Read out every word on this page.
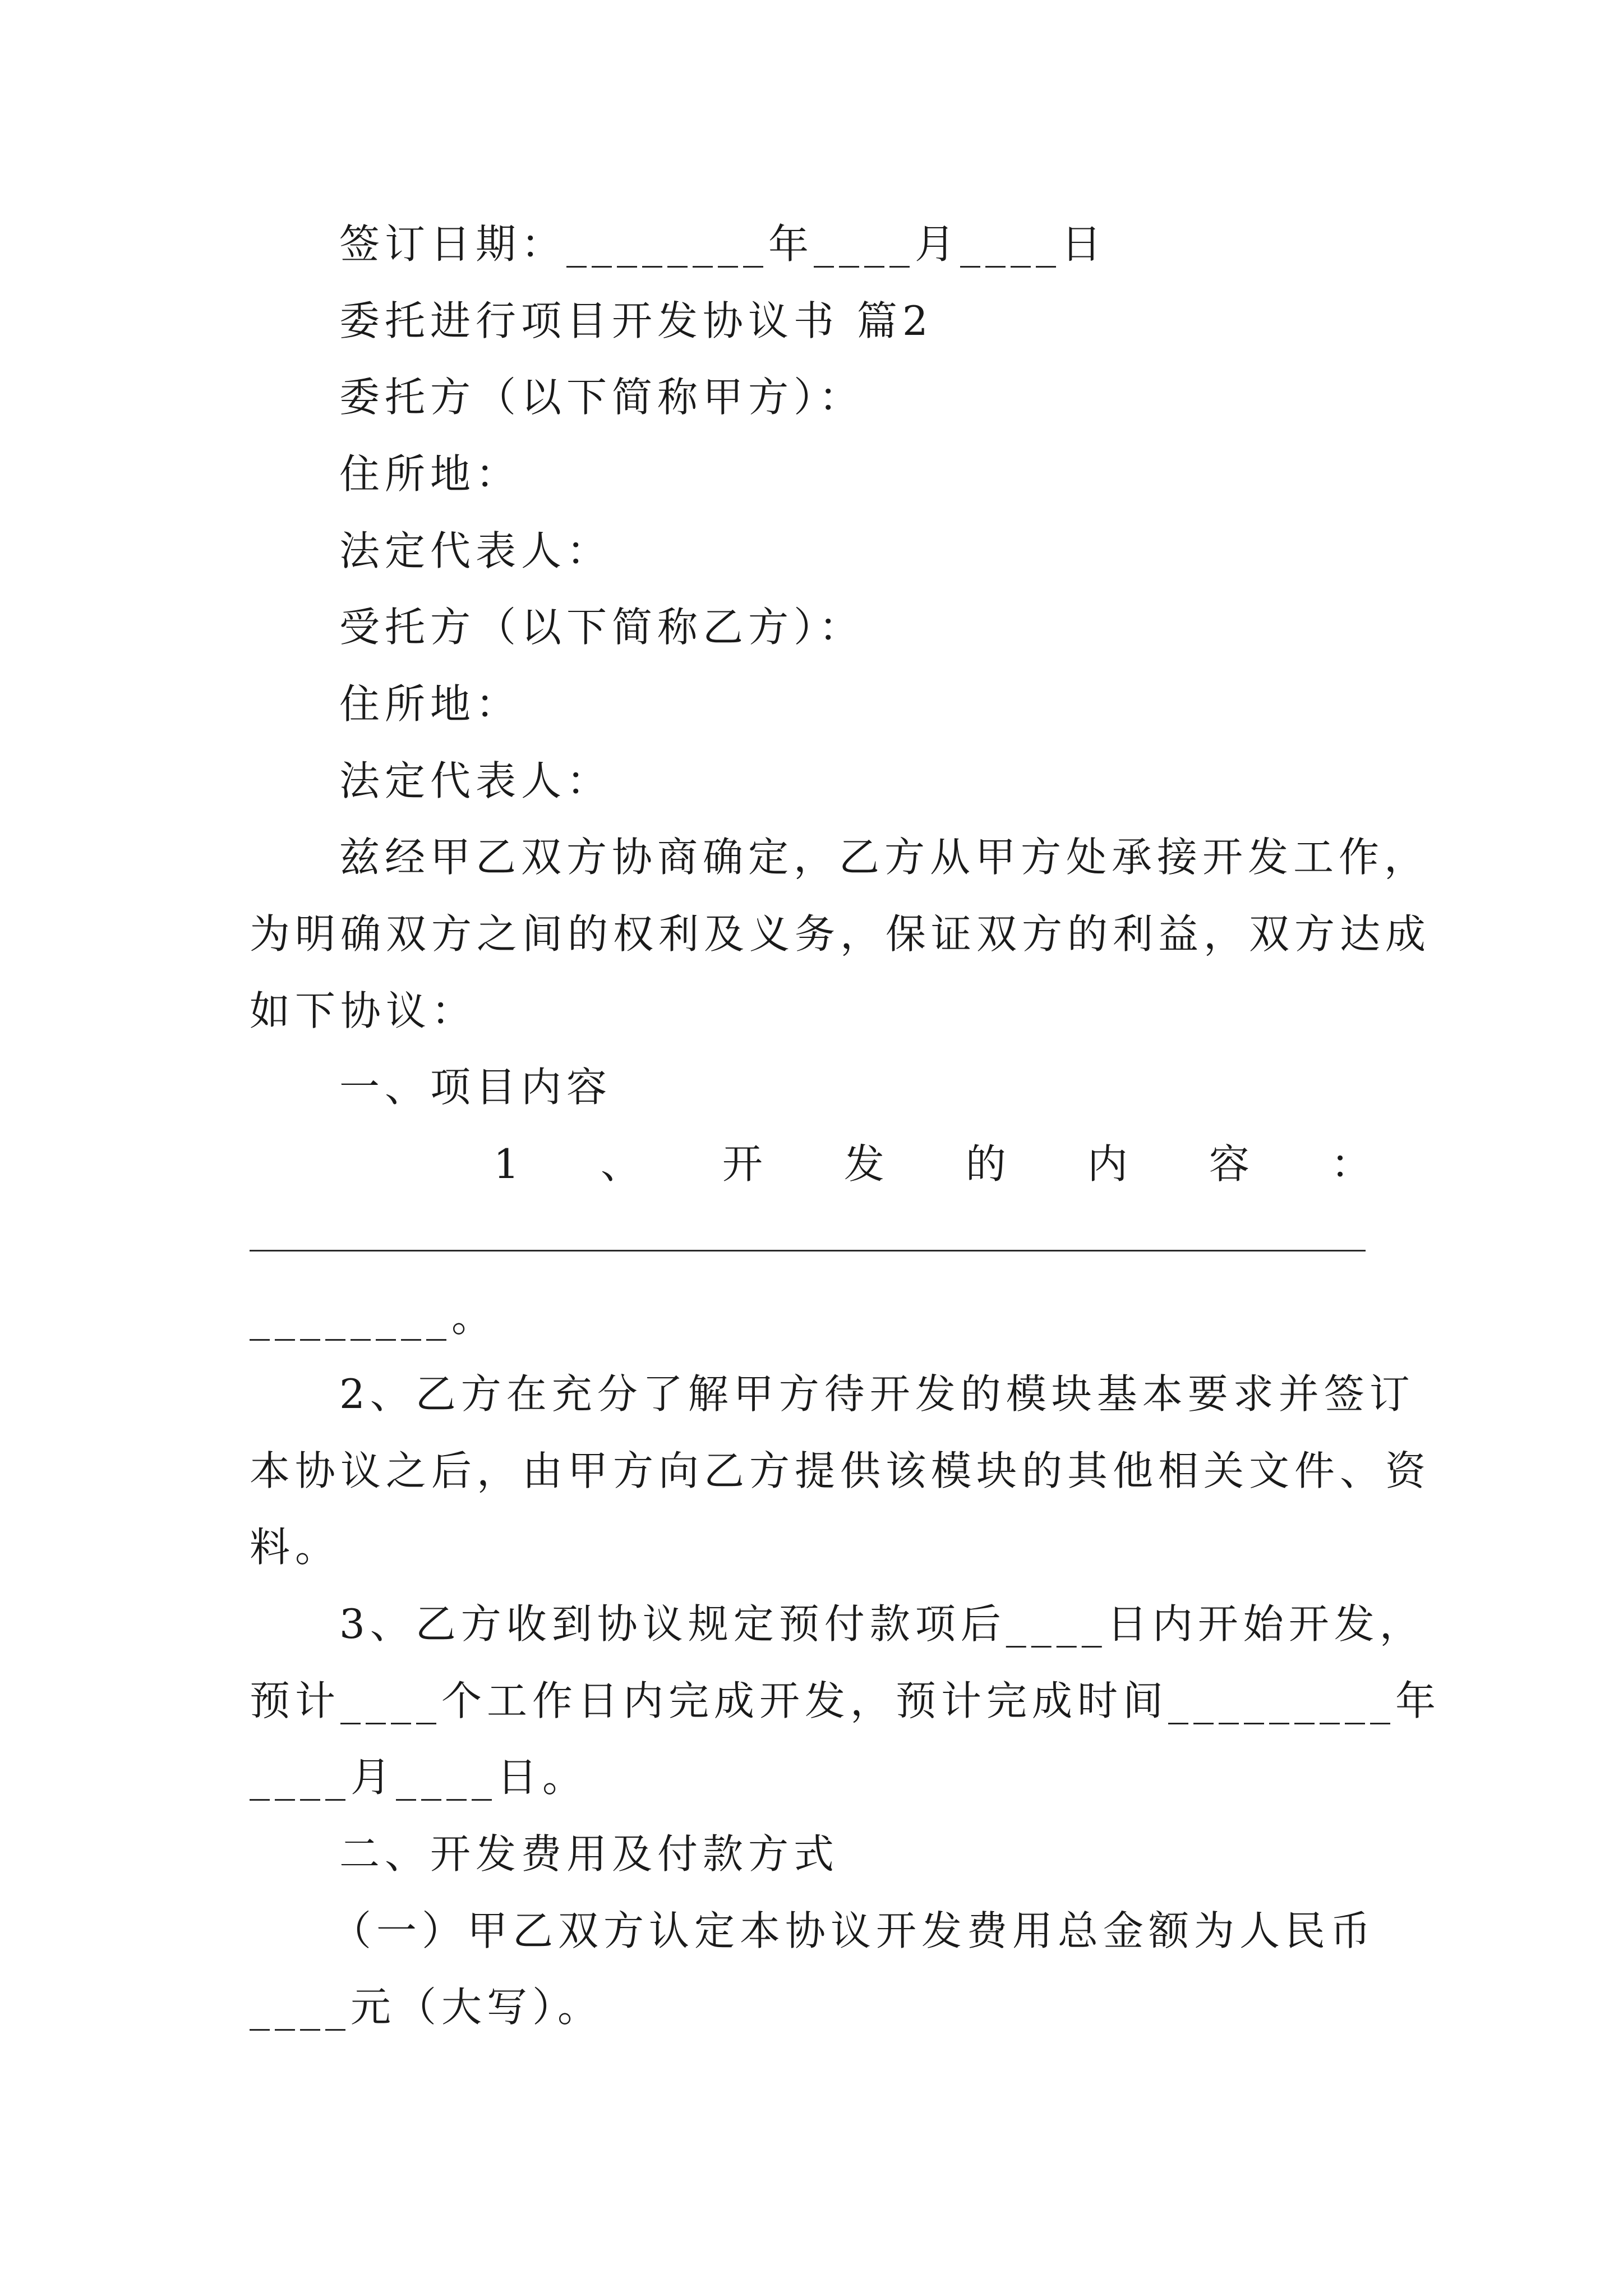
签订日期：________年____月____日
委托进行项目开发协议书 篇2
委托方（以下简称甲方）：
住所地：
法定代表人：
受托方（以下简称乙方）：
住所地：
法定代表人：
兹经甲乙双方协商确定，乙方从甲方处承接开发工作，
为明确双方之间的权利及义务，保证双方的利益，双方达成
如下协议：
一、项目内容
1 、 开 发 的 内 容 ：
________。
2、乙方在充分了解甲方待开发的模块基本要求并签订
本协议之后，由甲方向乙方提供该模块的其他相关文件、资
料。
3、乙方收到协议规定预付款项后____日内开始开发，
预计____个工作日内完成开发，预计完成时间_________年
____月____日。
二、开发费用及付款方式
（一）甲乙双方认定本协议开发费用总金额为人民币
____元（大写）。
